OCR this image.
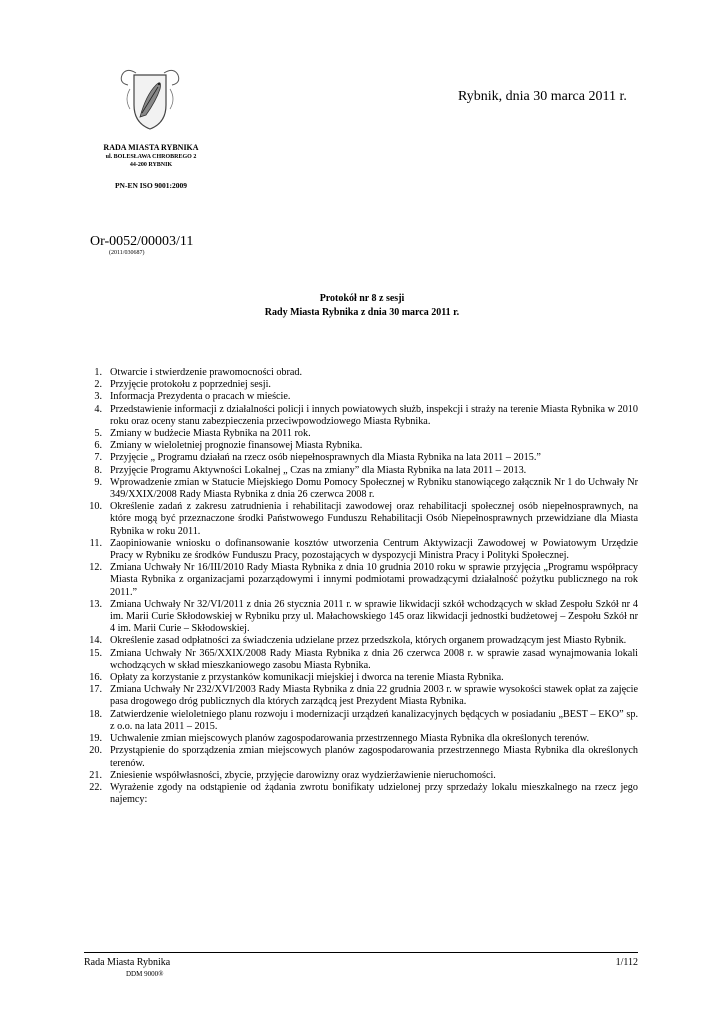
RADA MIASTA RYBNIKA
ul. BOLESŁAWA CHROBREGO 2
44-200 RYBNIK
PN-EN ISO 9001:2009
Rybnik, dnia 30 marca 2011 r.
Or-0052/00003/11
(2011/030687)
Protokół nr 8 z sesji
Rady Miasta Rybnika z dnia 30 marca 2011 r.
1. Otwarcie i stwierdzenie prawomocności obrad.
2. Przyjęcie protokołu z poprzedniej sesji.
3. Informacja Prezydenta o pracach w mieście.
4. Przedstawienie informacji z działalności policji i innych powiatowych służb, inspekcji i straży na terenie Miasta Rybnika w 2010 roku oraz oceny stanu zabezpieczenia przeciwpowodziowego Miasta Rybnika.
5. Zmiany w budżecie Miasta Rybnika na 2011 rok.
6. Zmiany w wieloletniej prognozie finansowej Miasta Rybnika.
7. Przyjęcie „ Programu działań na rzecz osób niepełnosprawnych dla Miasta Rybnika na lata 2011 – 2015.”
8. Przyjęcie Programu Aktywności Lokalnej „ Czas na zmiany” dla Miasta Rybnika na lata 2011 – 2013.
9. Wprowadzenie zmian w Statucie Miejskiego Domu Pomocy Społecznej w Rybniku stanowiącego załącznik Nr 1 do Uchwały Nr 349/XXIX/2008 Rady Miasta Rybnika z dnia 26 czerwca 2008 r.
10. Określenie zadań z zakresu zatrudnienia i rehabilitacji zawodowej oraz rehabilitacji społecznej osób niepełnosprawnych, na które mogą być przeznaczone środki Państwowego Funduszu Rehabilitacji Osób Niepełnosprawnych przewidziane dla Miasta Rybnika w roku 2011.
11. Zaopiniowanie wniosku o dofinansowanie kosztów utworzenia Centrum Aktywizacji Zawodowej w Powiatowym Urzędzie Pracy w Rybniku ze środków Funduszu Pracy, pozostających w dyspozycji Ministra Pracy i Polityki Społecznej.
12. Zmiana Uchwały Nr 16/III/2010 Rady Miasta Rybnika z dnia 10 grudnia 2010 roku w sprawie przyjęcia „Programu współpracy Miasta Rybnika z organizacjami pozarządowymi i innymi podmiotami prowadzącymi działalność pożytku publicznego na rok 2011.”
13. Zmiana Uchwały Nr 32/VI/2011 z dnia 26 stycznia 2011 r. w sprawie likwidacji szkół wchodzących w skład Zespołu Szkół nr 4 im. Marii Curie Skłodowskiej w Rybniku przy ul. Małachowskiego 145 oraz likwidacji jednostki budżetowej – Zespołu Szkół nr 4 im. Marii Curie – Skłodowskiej.
14. Określenie zasad odpłatności za świadczenia udzielane przez przedszkola, których organem prowadzącym jest Miasto Rybnik.
15. Zmiana Uchwały Nr 365/XXIX/2008 Rady Miasta Rybnika z dnia 26 czerwca 2008 r. w sprawie zasad wynajmowania lokali wchodzących w skład mieszkaniowego zasobu Miasta Rybnika.
16. Opłaty za korzystanie z przystanków komunikacji miejskiej i dworca na terenie Miasta Rybnika.
17. Zmiana Uchwały Nr 232/XVI/2003 Rady Miasta Rybnika z dnia 22 grudnia 2003 r. w sprawie wysokości stawek opłat za zajęcie pasa drogowego dróg publicznych dla których zarządcą jest Prezydent Miasta Rybnika.
18. Zatwierdzenie wieloletniego planu rozwoju i modernizacji urządzeń kanalizacyjnych będących w posiadaniu „BEST – EKO” sp. z o.o. na lata 2011 – 2015.
19. Uchwalenie zmian miejscowych planów zagospodarowania przestrzennego Miasta Rybnika dla określonych terenów.
20. Przystąpienie do sporządzenia zmian miejscowych planów zagospodarowania przestrzennego Miasta Rybnika dla określonych terenów.
21. Zniesienie współwłasności, zbycie, przyjęcie darowizny oraz wydzierżawienie nieruchomości.
22. Wyrażenie zgody na odstąpienie od żądania zwrotu bonifikaty udzielonej przy sprzedaży lokalu mieszkalnego na rzecz jego najemcy:
Rada Miasta Rybnika	1/112
DDM 9000®
